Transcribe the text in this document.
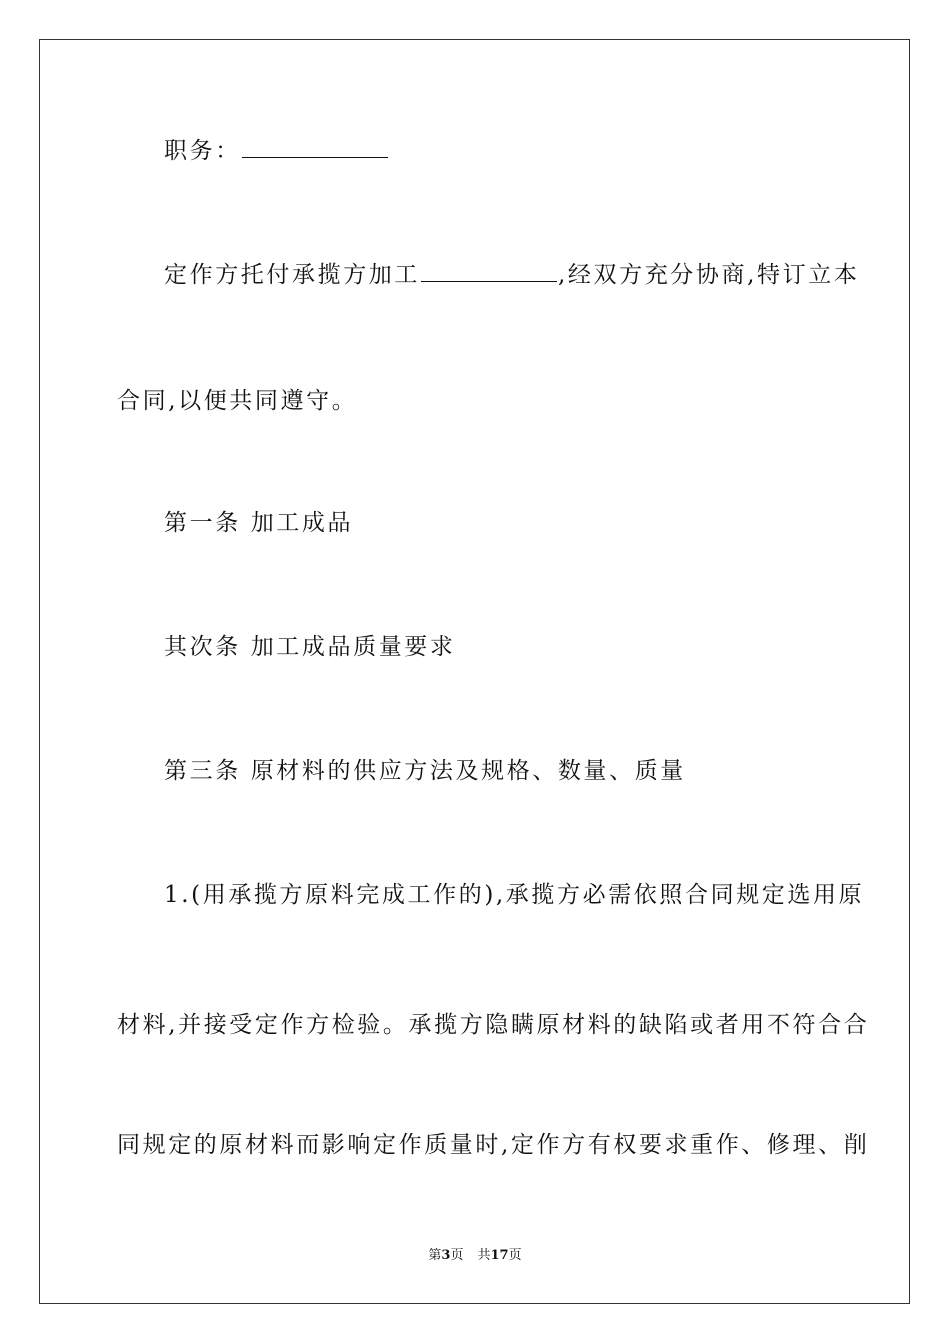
职务：
定作方托付承揽方加工	,经双方充分协商,特订立本
合同,以便共同遵守。
第一条 加工成品
其次条 加工成品质量要求
第三条 原材料的供应方法及规格、数量、质量
1.(用承揽方原料完成工作的),承揽方必需依照合同规定选用原
材料,并接受定作方检验。承揽方隐瞒原材料的缺陷或者用不符合合
同规定的原材料而影响定作质量时,定作方有权要求重作、修理、削
第3页 共17页
